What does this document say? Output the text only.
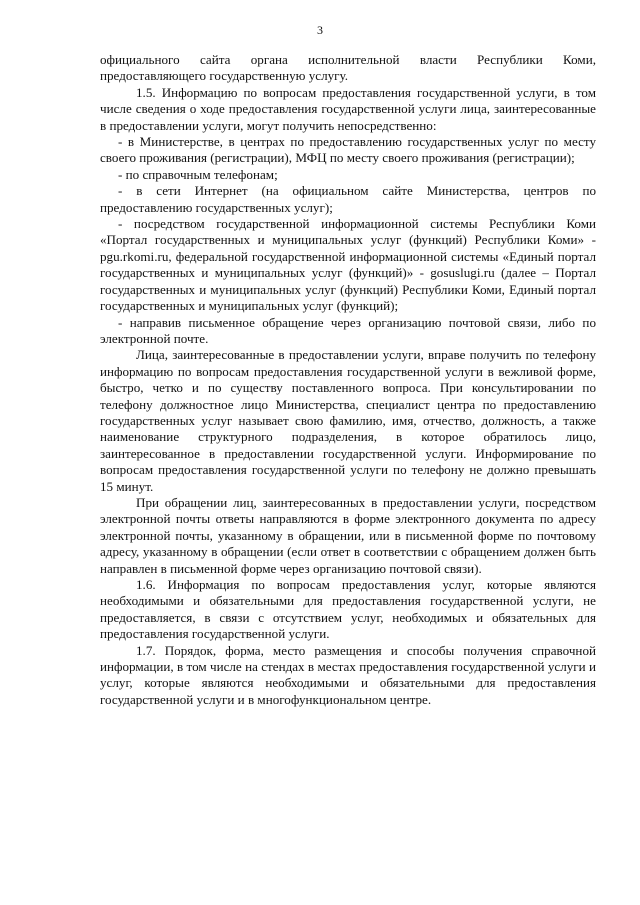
3

официального сайта органа исполнительной власти Республики Коми, предоставляющего государственную услугу.

1.5. Информацию по вопросам предоставления государственной услуги, в том числе сведения о ходе предоставления государственной услуги лица, заинтересованные в предоставлении услуги, могут получить непосредственно:

- в Министерстве, в центрах по предоставлению государственных услуг по месту своего проживания (регистрации), МФЦ по месту своего проживания (регистрации);

- по справочным телефонам;

- в сети Интернет (на официальном сайте Министерства, центров по предоставлению государственных услуг);

- посредством государственной информационной системы Республики Коми «Портал государственных и муниципальных услуг (функций) Республики Коми» - pgu.rkomi.ru, федеральной государственной информационной системы «Единый портал государственных и муниципальных услуг (функций)» - gosuslugi.ru (далее – Портал государственных и муниципальных услуг (функций) Республики Коми, Единый портал государственных и муниципальных услуг (функций);

- направив письменное обращение через организацию почтовой связи, либо по электронной почте.

Лица, заинтересованные в предоставлении услуги, вправе получить по телефону информацию по вопросам предоставления государственной услуги в вежливой форме, быстро, четко и по существу поставленного вопроса. При консультировании по телефону должностное лицо Министерства, специалист центра по предоставлению государственных услуг называет свою фамилию, имя, отчество, должность, а также наименование структурного подразделения, в которое обратилось лицо, заинтересованное в предоставлении государственной услуги. Информирование по вопросам предоставления государственной услуги по телефону не должно превышать 15 минут.

При обращении лиц, заинтересованных в предоставлении услуги, посредством электронной почты ответы направляются в форме электронного документа по адресу электронной почты, указанному в обращении, или в письменной форме по почтовому адресу, указанному в обращении (если ответ в соответствии с обращением должен быть направлен в письменной форме через организацию почтовой связи).

1.6. Информация по вопросам предоставления услуг, которые являются необходимыми и обязательными для предоставления государственной услуги, не предоставляется, в связи с отсутствием услуг, необходимых и обязательных для предоставления государственной услуги.

1.7. Порядок, форма, место размещения и способы получения справочной информации, в том числе на стендах в местах предоставления государственной услуги и услуг, которые являются необходимыми и обязательными для предоставления государственной услуги и в многофункциональном центре.
